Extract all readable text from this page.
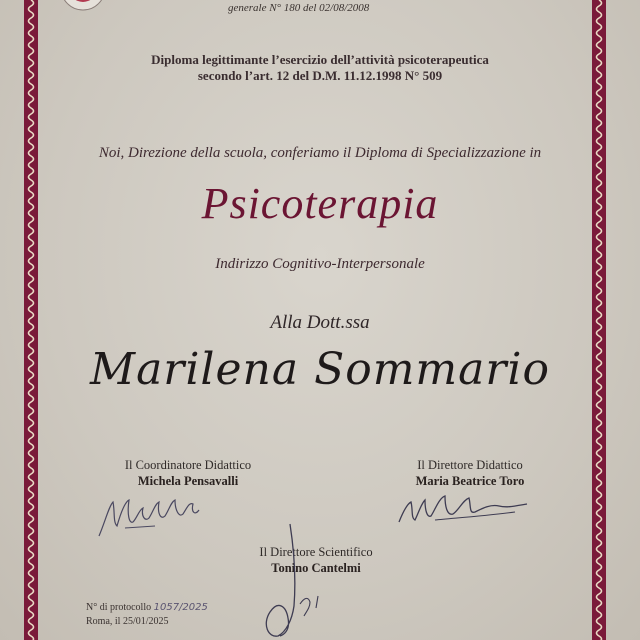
generale N° 180 del 02/08/2008
Diploma legittimante l’esercizio dell’attività psicoterapeutica
secondo l’art. 12 del D.M. 11.12.1998 N° 509
Noi, Direzione della scuola, conferiamo il Diploma di Specializzazione in
Psicoterapia
Indirizzo Cognitivo-Interpersonale
Alla Dott.ssa
Marilena Sommario
Il Coordinatore Didattico
Michela Pensavalli
Il Direttore Didattico
Maria Beatrice Toro
Il Direttore Scientifico
Tonino Cantelmi
N° di protocollo 1057/2025
Roma, il 25/01/2025
